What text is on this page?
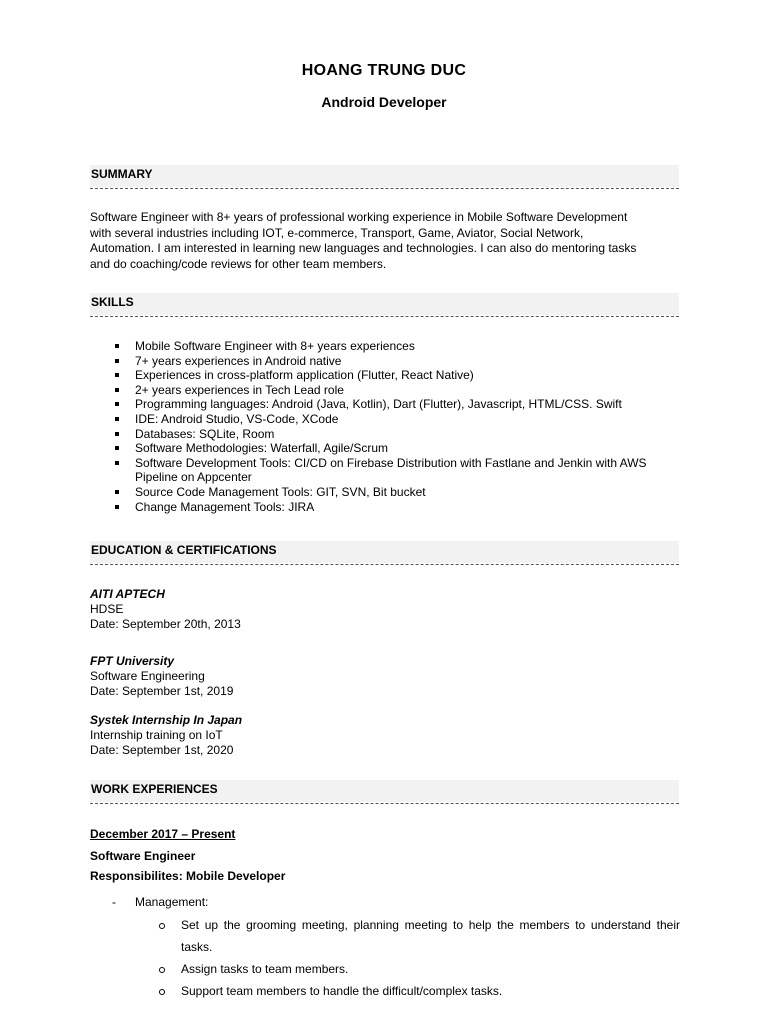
HOANG TRUNG DUC
Android Developer
SUMMARY
Software Engineer with 8+ years of professional working experience in Mobile Software Development
with several industries including IOT, e-commerce, Transport, Game, Aviator, Social Network,
Automation. I am interested in learning new languages and technologies. I can also do mentoring tasks
and do coaching/code reviews for other team members.
SKILLS
Mobile Software Engineer with 8+ years experiences
7+ years experiences in Android native
Experiences in cross-platform application (Flutter, React Native)
2+ years experiences in Tech Lead role
Programming languages: Android (Java, Kotlin), Dart (Flutter), Javascript, HTML/CSS. Swift
IDE: Android Studio, VS-Code, XCode
Databases: SQLite, Room
Software Methodologies: Waterfall, Agile/Scrum
Software Development Tools: CI/CD on Firebase Distribution with Fastlane and Jenkin with AWS
Pipeline on Appcenter
Source Code Management Tools: GIT, SVN, Bit bucket
Change Management Tools: JIRA
EDUCATION & CERTIFICATIONS
AITI APTECH
HDSE
Date: September 20th, 2013
FPT University
Software Engineering
Date: September 1st, 2019
Systek Internship In Japan
Internship training on IoT
Date: September 1st, 2020
WORK EXPERIENCES
December 2017 – Present
Software Engineer
Responsibilites: Mobile Developer
- Management:
Set up the grooming meeting, planning meeting to help the members to understand their tasks.
Assign tasks to team members.
Support team members to handle the difficult/complex tasks.
